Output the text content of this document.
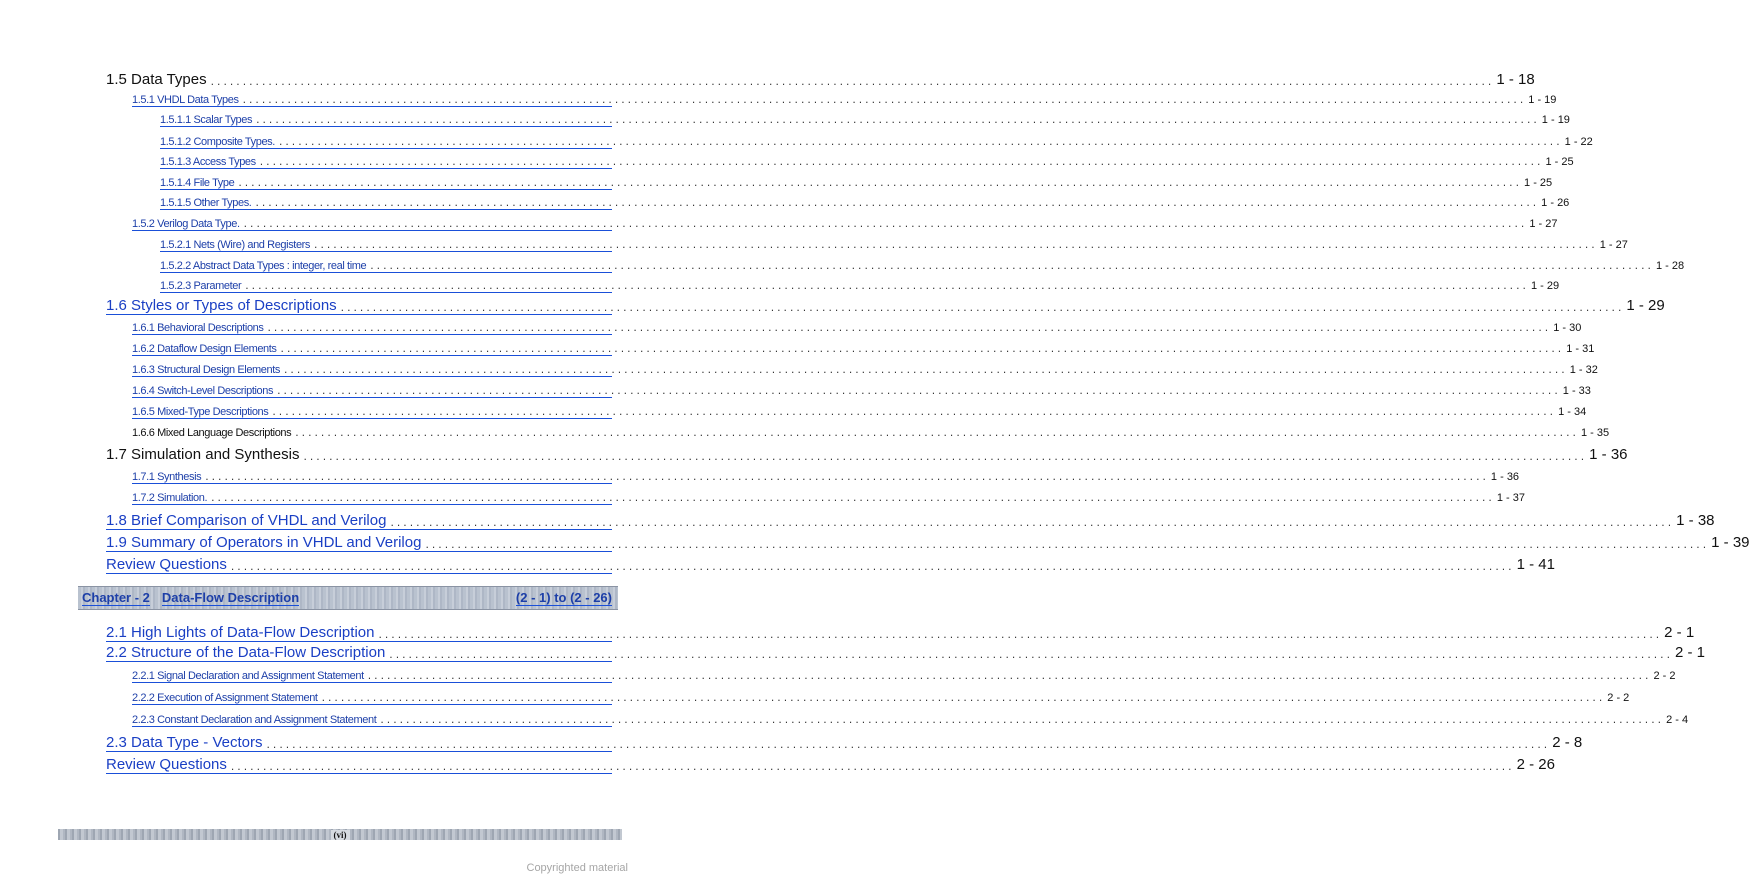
1.5 Data Types ........................................................................................................................................................................................................ 1 - 18
1.5.1 VHDL Data Types ........................................................................................................................................................................................................ 1 - 19
1.5.1.1 Scalar Types ........................................................................................................................................................................................................ 1 - 19
1.5.1.2 Composite Types. ........................................................................................................................................................................................................ 1 - 22
1.5.1.3 Access Types ........................................................................................................................................................................................................ 1 - 25
1.5.1.4 File Type ........................................................................................................................................................................................................ 1 - 25
1.5.1.5 Other Types. ........................................................................................................................................................................................................ 1 - 26
1.5.2 Verilog Data Type. ........................................................................................................................................................................................................ 1 - 27
1.5.2.1 Nets (Wire) and Registers ........................................................................................................................................................................................................ 1 - 27
1.5.2.2 Abstract Data Types : integer, real time ........................................................................................................................................................................................................ 1 - 28
1.5.2.3 Parameter ........................................................................................................................................................................................................ 1 - 29
1.6 Styles or Types of Descriptions ........................................................................................................................................................................................................ 1 - 29
1.6.1 Behavioral Descriptions ........................................................................................................................................................................................................ 1 - 30
1.6.2 Dataflow Design Elements ........................................................................................................................................................................................................ 1 - 31
1.6.3 Structural Design Elements ........................................................................................................................................................................................................ 1 - 32
1.6.4 Switch-Level Descriptions ........................................................................................................................................................................................................ 1 - 33
1.6.5 Mixed-Type Descriptions ........................................................................................................................................................................................................ 1 - 34
1.6.6 Mixed Language Descriptions ........................................................................................................................................................................................................ 1 - 35
1.7 Simulation and Synthesis ........................................................................................................................................................................................................ 1 - 36
1.7.1 Synthesis ........................................................................................................................................................................................................ 1 - 36
1.7.2 Simulation. ........................................................................................................................................................................................................ 1 - 37
1.8 Brief Comparison of VHDL and Verilog ........................................................................................................................................................................................................ 1 - 38
1.9 Summary of Operators in VHDL and Verilog ........................................................................................................................................................................................................ 1 - 39
Review Questions ........................................................................................................................................................................................................ 1 - 41
2.1 High Lights of Data-Flow Description ........................................................................................................................................................................................................ 2 - 1
2.2 Structure of the Data-Flow Description ........................................................................................................................................................................................................ 2 - 1
2.2.1 Signal Declaration and Assignment Statement ........................................................................................................................................................................................................ 2 - 2
2.2.2 Execution of Assignment Statement ........................................................................................................................................................................................................ 2 - 2
2.2.3 Constant Declaration and Assignment Statement ........................................................................................................................................................................................................ 2 - 4
2.3 Data Type - Vectors ........................................................................................................................................................................................................ 2 - 8
Review Questions ........................................................................................................................................................................................................ 2 - 26
Chapter - 2 Data-Flow Description	(2 - 1) to (2 - 26)
(vi)
Copyrighted material
